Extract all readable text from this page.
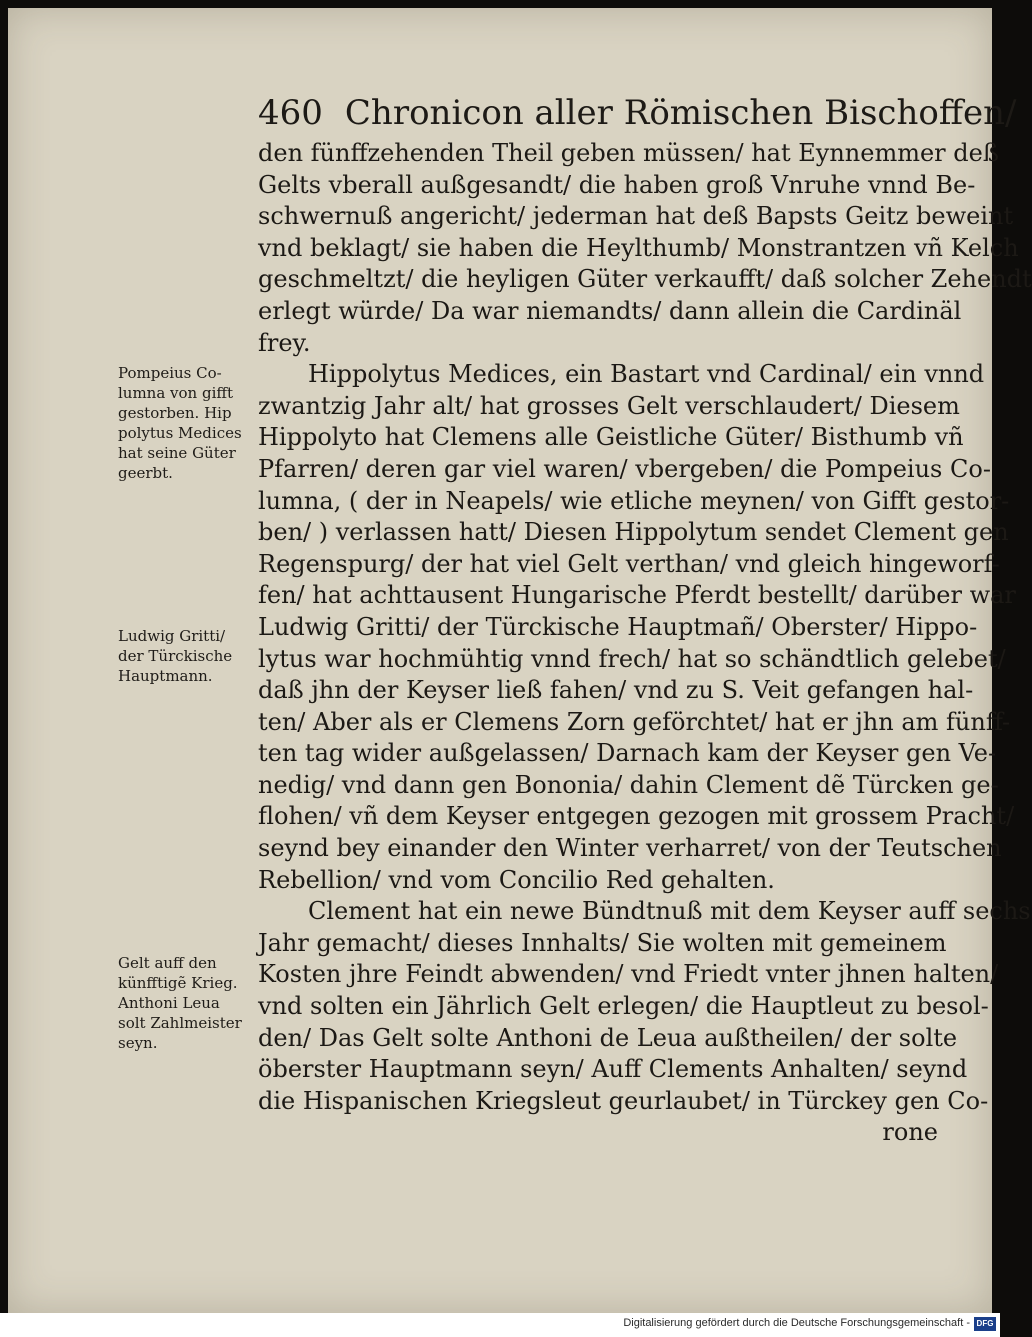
460 Chronicon aller Römischen Bischoffen/
den fünffzehenden Theil geben müssen/ hat Eynnemmer deß
Gelts vberall außgesandt/ die haben groß Vnruhe vnnd Be-
schwernuß angericht/ jederman hat deß Bapsts Geitz beweint
vnd beklagt/ sie haben die Heylthumb/ Monstrantzen vñ Kelch
geschmeltzt/ die heyligen Güter verkaufft/ daß solcher Zehendt
erlegt würde/ Da war niemandts/ dann allein die Cardinäl
frey.
Hippolytus Medices, ein Bastart vnd Cardinal/ ein vnnd
zwantzig Jahr alt/ hat grosses Gelt verschlaudert/ Diesem
Hippolyto hat Clemens alle Geistliche Güter/ Bisthumb vñ
Pfarren/ deren gar viel waren/ vbergeben/ die Pompeius Co-
lumna, ( der in Neapels/ wie etliche meynen/ von Gifft gestor-
ben/ ) verlassen hatt/ Diesen Hippolytum sendet Clement gen
Regenspurg/ der hat viel Gelt verthan/ vnd gleich hingeworf-
fen/ hat achttausent Hungarische Pferdt bestellt/ darüber war
Ludwig Gritti/ der Türckische Hauptmañ/ Oberster/ Hippo-
lytus war hochmühtig vnnd frech/ hat so schändtlich gelebet/
daß jhn der Keyser ließ fahen/ vnd zu S. Veit gefangen hal-
ten/ Aber als er Clemens Zorn geförchtet/ hat er jhn am fünff-
ten tag wider außgelassen/ Darnach kam der Keyser gen Ve-
nedig/ vnd dann gen Bononia/ dahin Clement dẽ Türcken ge-
flohen/ vñ dem Keyser entgegen gezogen mit grossem Pracht/
seynd bey einander den Winter verharret/ von der Teutschen
Rebellion/ vnd vom Concilio Red gehalten.
Clement hat ein newe Bündtnuß mit dem Keyser auff sechs
Jahr gemacht/ dieses Innhalts/ Sie wolten mit gemeinem
Kosten jhre Feindt abwenden/ vnd Friedt vnter jhnen halten/
vnd solten ein Jährlich Gelt erlegen/ die Hauptleut zu besol-
den/ Das Gelt solte Anthoni de Leua außtheilen/ der solte
öberster Hauptmann seyn/ Auff Clements Anhalten/ seynd
die Hispanischen Kriegsleut geurlaubet/ in Türckey gen Co-
rone
Pompeius Co-
lumna von gifft
gestorben. Hip
polytus Medices
hat seine Güter
geerbt.
Ludwig Gritti/
der Türckische
Hauptmann.
Gelt auff den
künfftigẽ Krieg.
Anthoni Leua
solt Zahlmeister
seyn.
Digitalisierung gefördert durch die Deutsche Forschungsgemeinschaft - DFG
